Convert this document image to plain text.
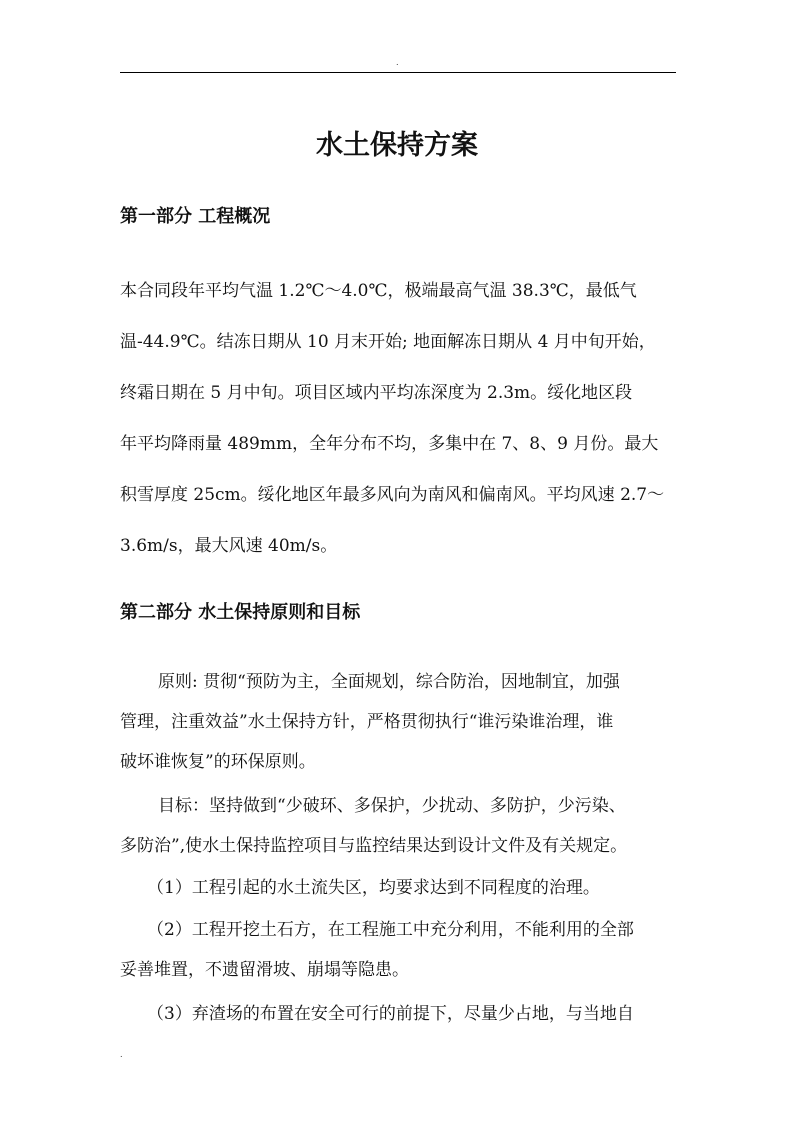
.
水土保持方案
第一部分 工程概况
本合同段年平均气温 1.2℃～4.0℃，极端最高气温 38.3℃，最低气
温-44.9℃。结冻日期从 10 月末开始; 地面解冻日期从 4 月中旬开始，
终霜日期在 5 月中旬。项目区域内平均冻深度为 2.3m。绥化地区段
年平均降雨量 489mm，全年分布不均，多集中在 7、8、9 月份。最大
积雪厚度 25cm。绥化地区年最多风向为南风和偏南风。平均风速 2.7～
3.6m/s，最大风速 40m/s。
第二部分 水土保持原则和目标
原则: 贯彻“预防为主，全面规划，综合防治，因地制宜，加强
管理，注重效益”水土保持方针，严格贯彻执行“谁污染谁治理，谁
破坏谁恢复”的环保原则。
目标：坚持做到“少破环、多保护，少扰动、多防护，少污染、
多防治”,使水土保持监控项目与监控结果达到设计文件及有关规定。
（1）工程引起的水土流失区，均要求达到不同程度的治理。
（2）工程开挖土石方，在工程施工中充分利用，不能利用的全部
妥善堆置，不遗留滑坡、崩塌等隐患。
（3）弃渣场的布置在安全可行的前提下，尽量少占地，与当地自
.
